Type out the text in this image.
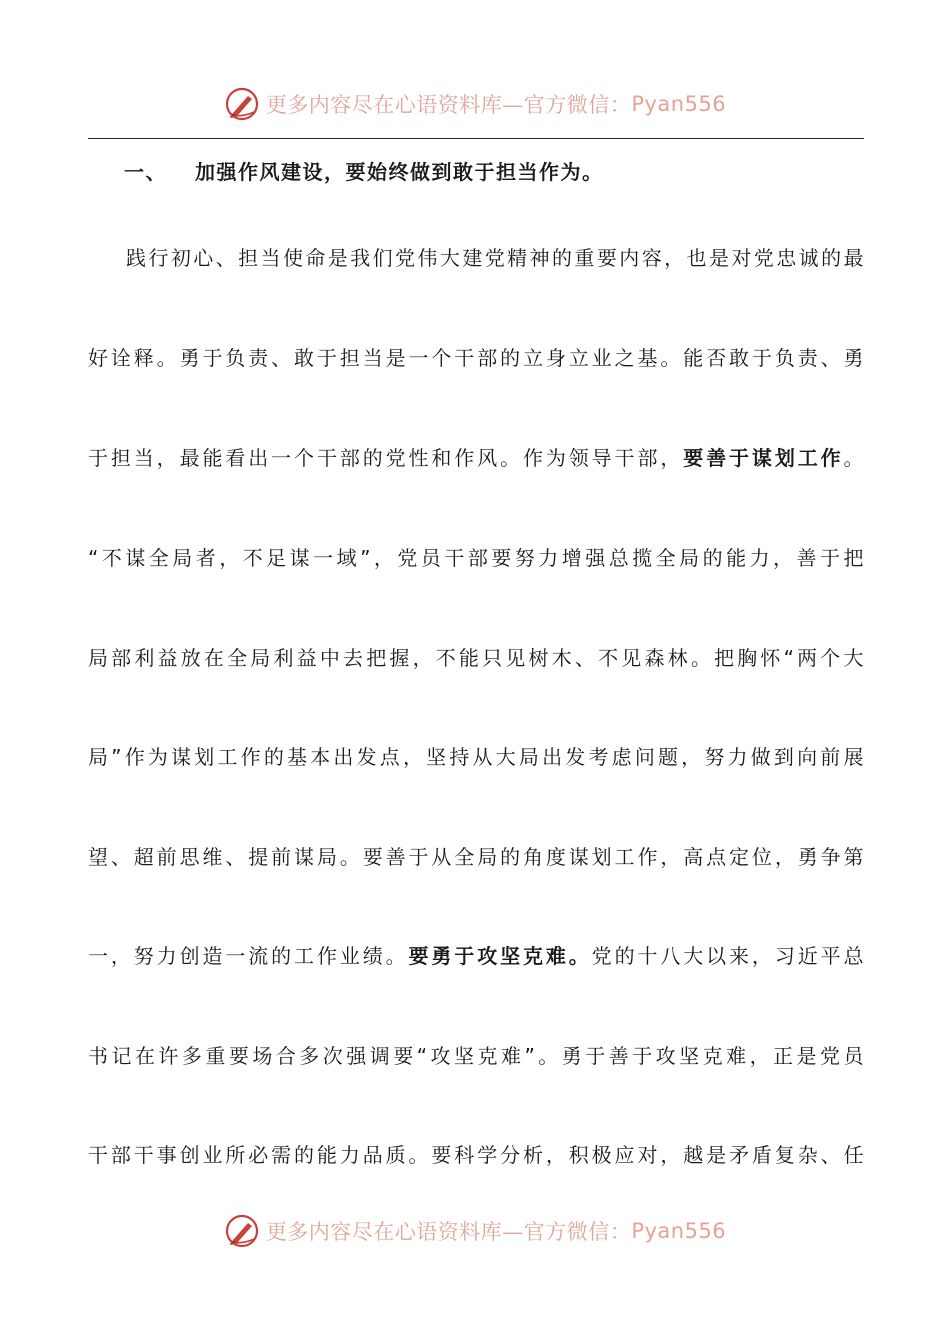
更多内容尽在心语资料库—官方微信： Pyan556
一、 加强作风建设，要始终做到敢于担当作为。
践行初心、担当使命是我们党伟大建党精神的重要内容，也是对党忠诚的最
好诠释。勇于负责、敢于担当是一个干部的立身立业之基。能否敢于负责、勇
于担当，最能看出一个干部的党性和作风。作为领导干部，要善于谋划工作。
“不谋全局者，不足谋一域”，党员干部要努力增强总揽全局的能力，善于把
局部利益放在全局利益中去把握，不能只见树木、不见森林。把胸怀“两个大
局”作为谋划工作的基本出发点，坚持从大局出发考虑问题，努力做到向前展
望、超前思维、提前谋局。要善于从全局的角度谋划工作，高点定位，勇争第
一，努力创造一流的工作业绩。要勇于攻坚克难。党的十八大以来，习近平总
书记在许多重要场合多次强调要“攻坚克难”。勇于善于攻坚克难，正是党员
干部干事创业所必需的能力品质。要科学分析，积极应对，越是矛盾复杂、任
更多内容尽在心语资料库—官方微信： Pyan556
